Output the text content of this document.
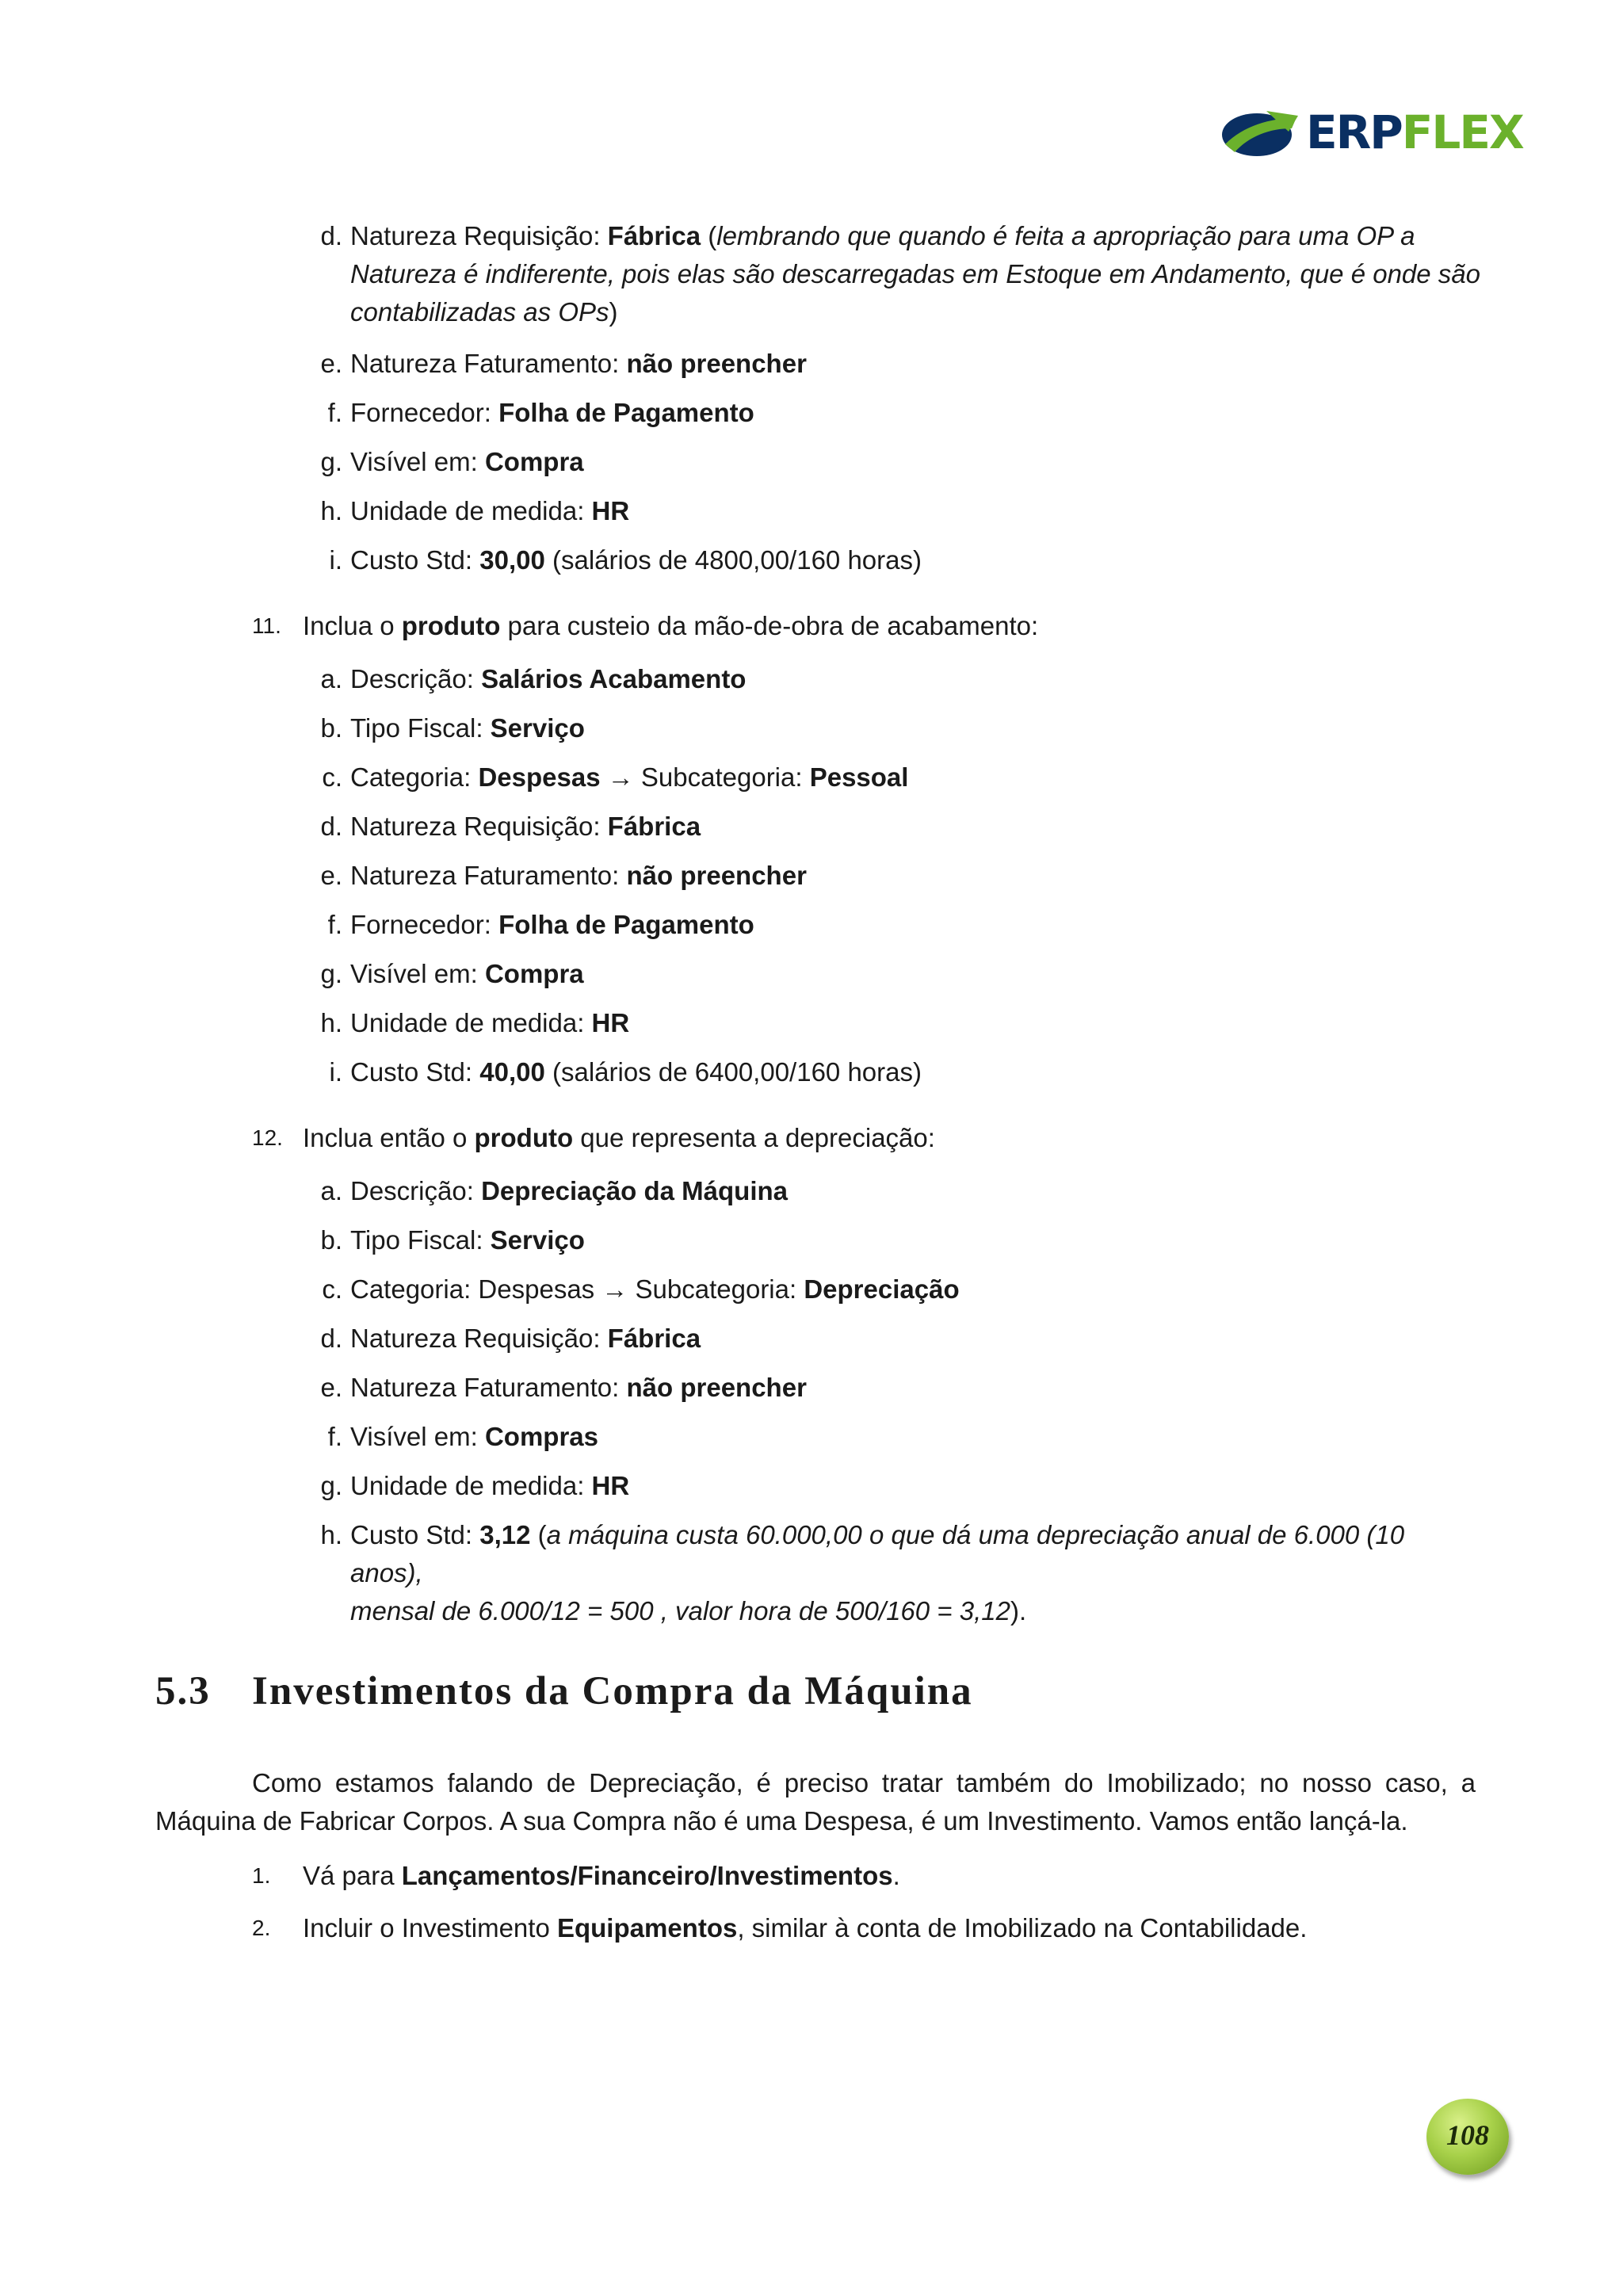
ERPFLEX
d. Natureza Requisição: Fábrica (lembrando que quando é feita a apropriação para uma OP a
Natureza é indiferente, pois elas são descarregadas em Estoque em Andamento, que é onde são
contabilizadas as OPs)
e. Natureza Faturamento: não preencher
f. Fornecedor: Folha de Pagamento
g. Visível em: Compra
h. Unidade de medida: HR
i. Custo Std: 30,00 (salários de 4800,00/160 horas)
11. Inclua o produto para custeio da mão-de-obra de acabamento:
a. Descrição: Salários Acabamento
b. Tipo Fiscal: Serviço
c. Categoria: Despesas → Subcategoria: Pessoal
d. Natureza Requisição: Fábrica
e. Natureza Faturamento: não preencher
f. Fornecedor: Folha de Pagamento
g. Visível em: Compra
h. Unidade de medida: HR
i. Custo Std: 40,00 (salários de 6400,00/160 horas)
12. Inclua então o produto que representa a depreciação:
a. Descrição: Depreciação da Máquina
b. Tipo Fiscal: Serviço
c. Categoria: Despesas → Subcategoria: Depreciação
d. Natureza Requisição: Fábrica
e. Natureza Faturamento: não preencher
f. Visível em: Compras
g. Unidade de medida: HR
h. Custo Std: 3,12 (a máquina custa 60.000,00 o que dá uma depreciação anual de 6.000 (10 anos),
mensal de 6.000/12 = 500 , valor hora de 500/160 = 3,12).
5.3 Investimentos da Compra da Máquina
Como estamos falando de Depreciação, é preciso tratar também do Imobilizado; no nosso caso, a Máquina de Fabricar Corpos. A sua Compra não é uma Despesa, é um Investimento. Vamos então lançá-la.
1.	Vá para Lançamentos/Financeiro/Investimentos.
2.	Incluir o Investimento Equipamentos, similar à conta de Imobilizado na Contabilidade.
108
